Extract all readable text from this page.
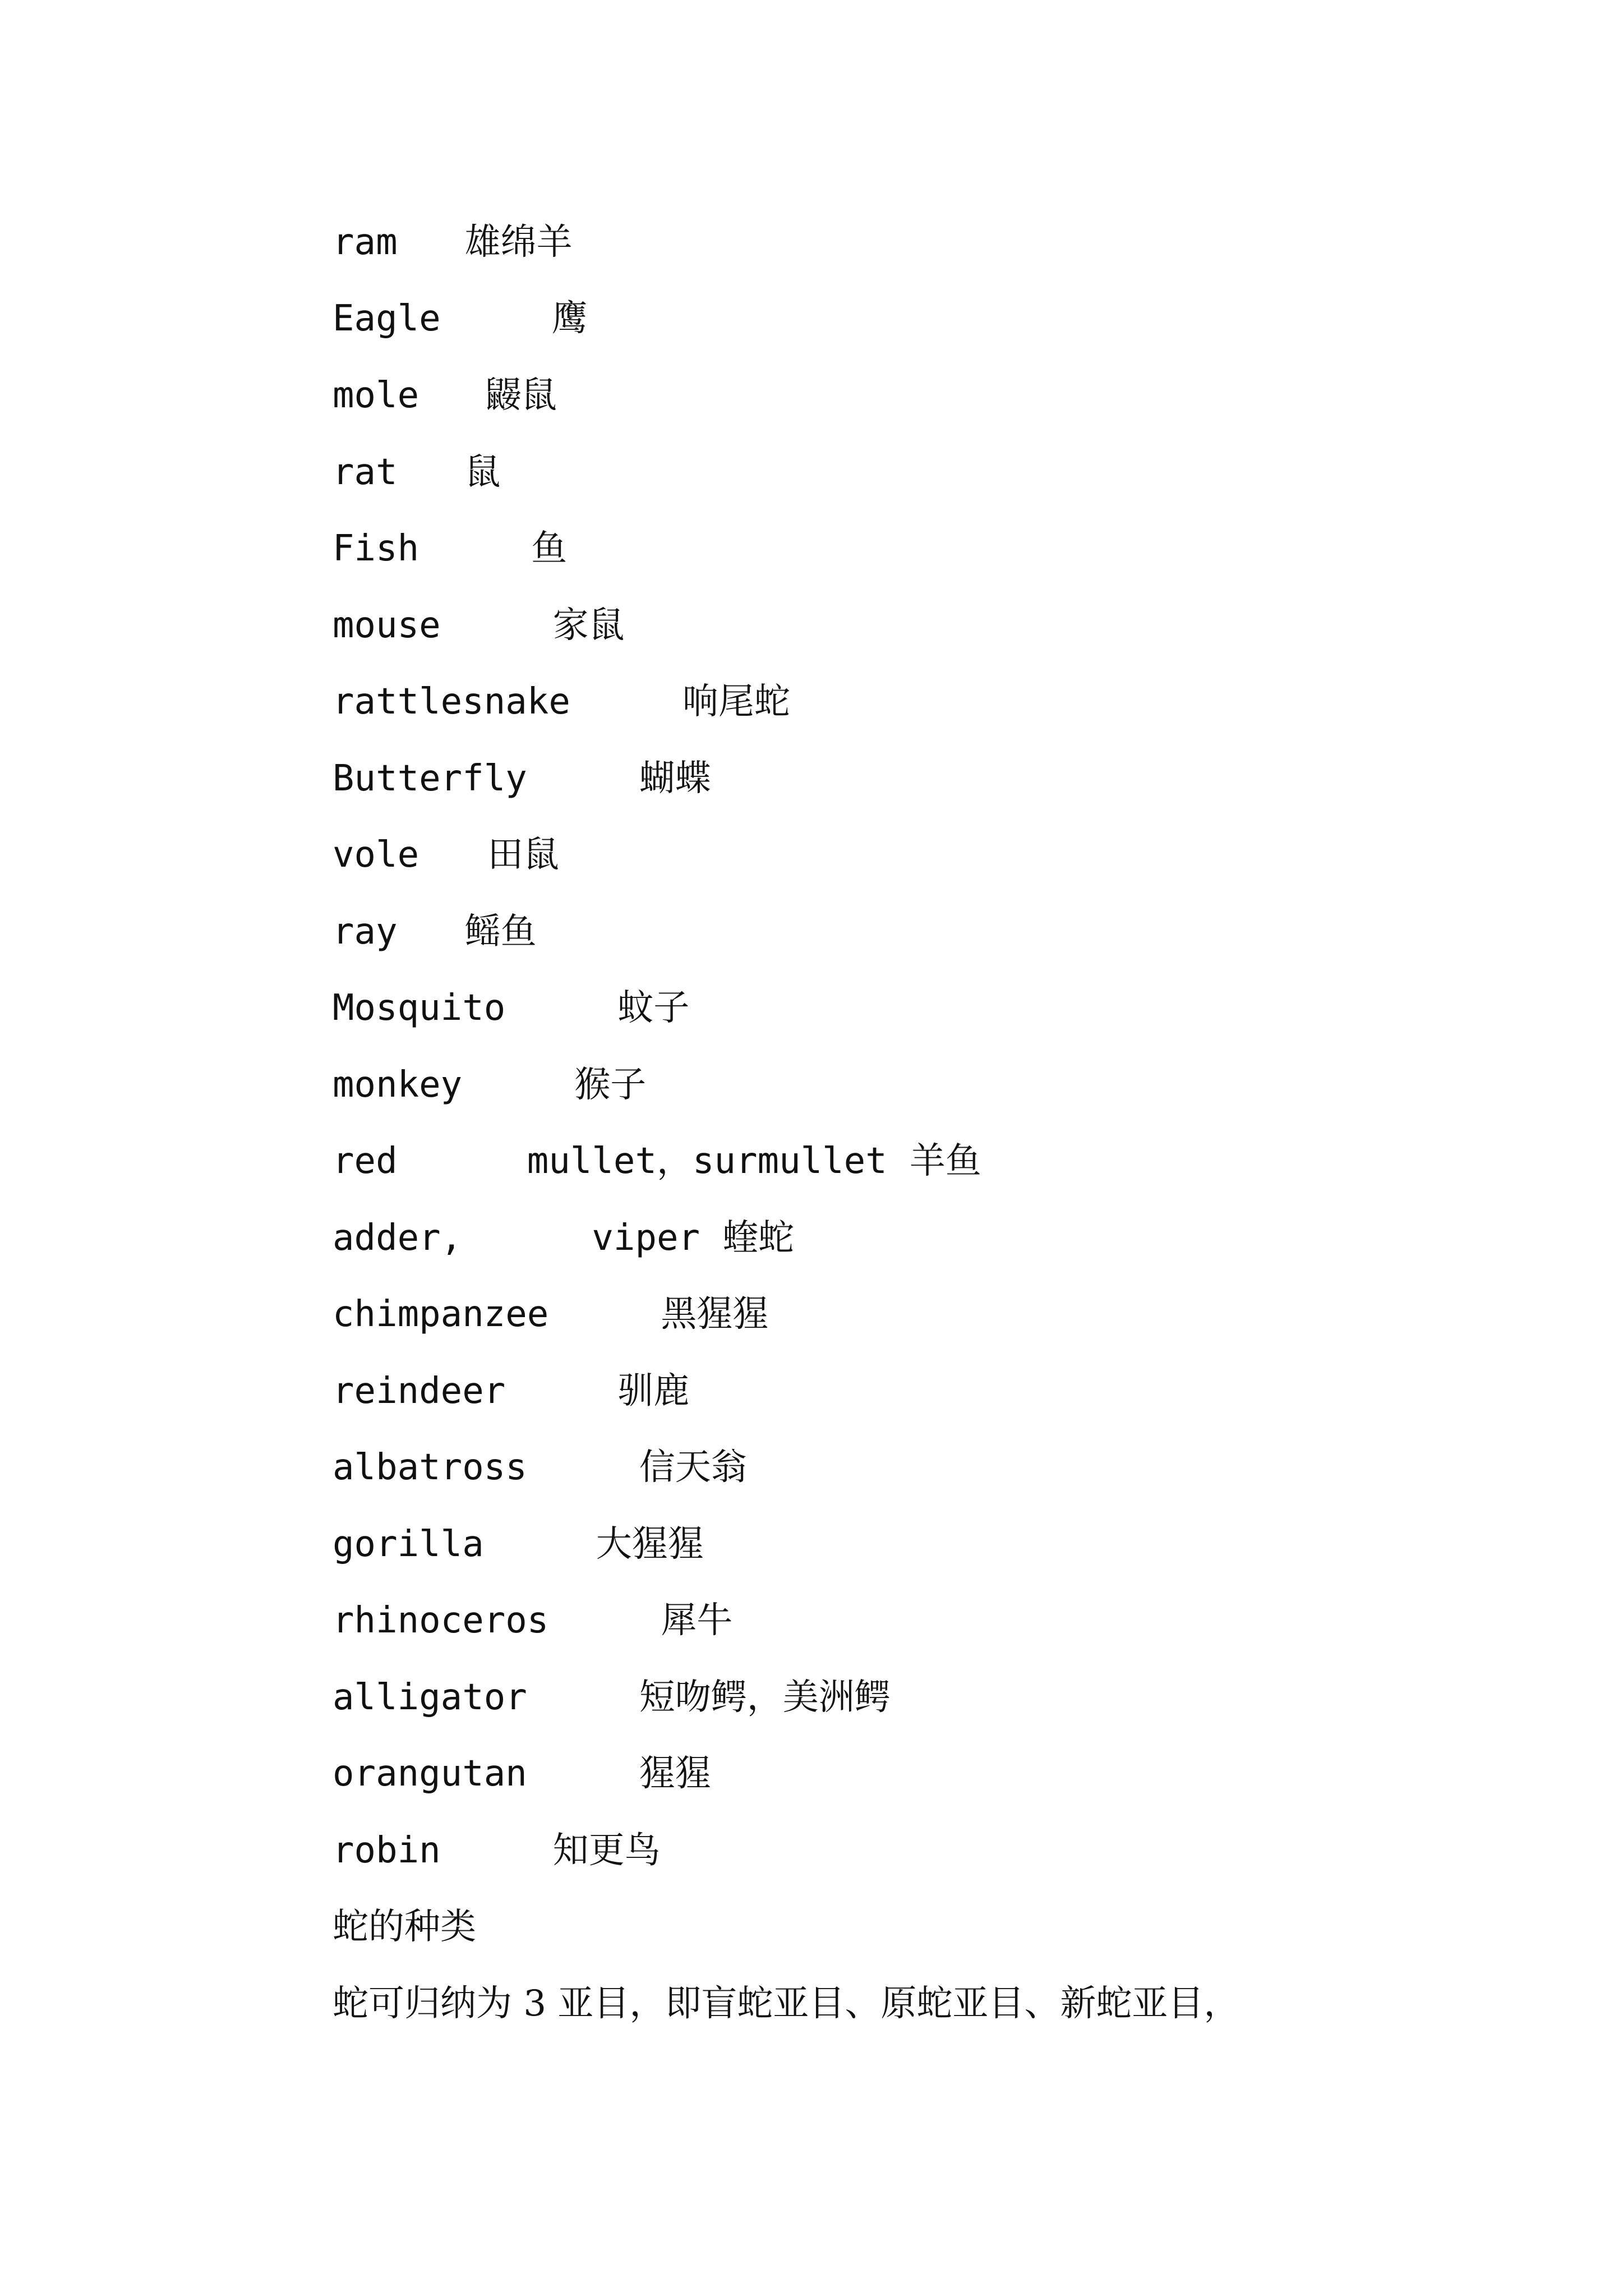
ram 雄绵羊
Eagle	鹰
mole 鼹鼠
rat 鼠
Fish	鱼
mouse	家鼠
rattlesnake	响尾蛇
Butterfly	蝴蝶
vole 田鼠
ray 鳐鱼
Mosquito	蚊子
monkey	猴子
red      mullet，surmullet 羊鱼
adder,      viper 蝰蛇
chimpanzee	黑猩猩
reindeer	驯鹿
albatross	信天翁
gorilla	大猩猩
rhinoceros	犀牛
alligator	短吻鳄，美洲鳄
orangutan	猩猩
robin	知更鸟
蛇的种类
蛇可归纳为 3 亚目，即盲蛇亚目、原蛇亚目、新蛇亚目，
